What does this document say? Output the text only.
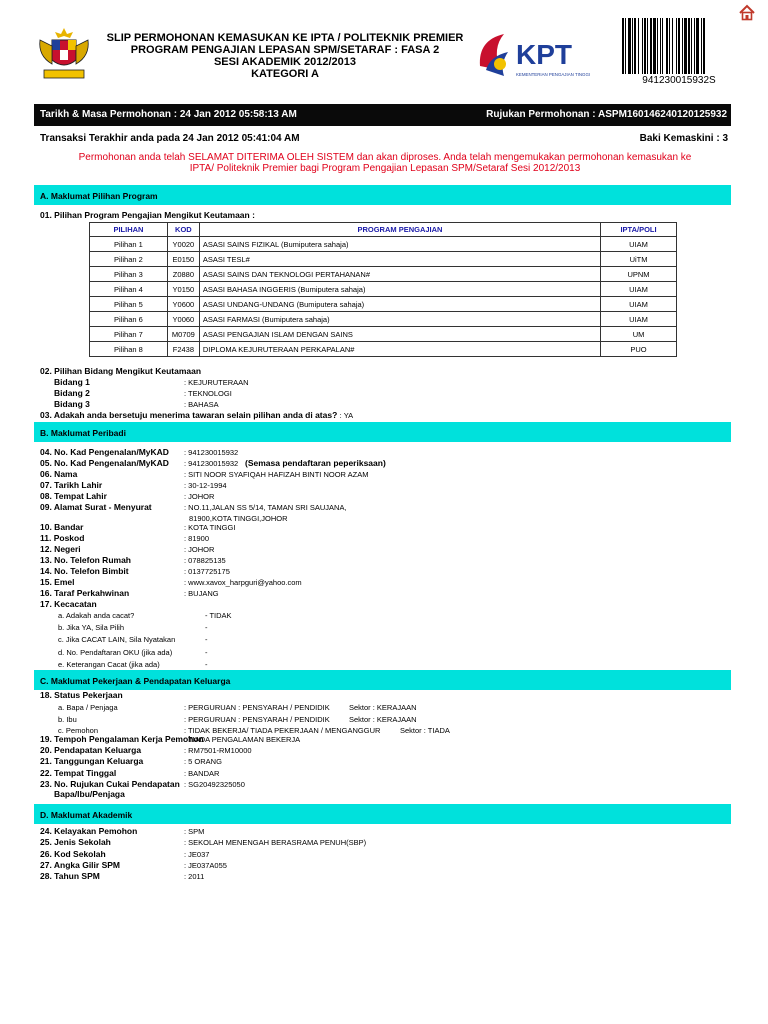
SLIP PERMOHONAN KEMASUKAN KE IPTA / POLITEKNIK PREMIER
PROGRAM PENGAJIAN LEPASAN SPM/SETARAF : FASA 2
SESI AKADEMIK 2012/2013
KATEGORI A
KPT
KEMENTERIAN PENGAJIAN TINGGI
941230015932S
Tarikh & Masa Permohonan : 24 Jan 2012 05:58:13 AM	Rujukan Permohonan : ASPM160146240120125932
Transaksi Terakhir anda pada 24 Jan 2012 05:41:04 AM	Baki Kemaskini : 3
Permohonan anda telah SELAMAT DITERIMA OLEH SISTEM dan akan diproses. Anda telah mengemukakan permohonan kemasukan ke
IPTA/ Politeknik Premier bagi Program Pengajian Lepasan SPM/Setaraf Sesi 2012/2013
A. Maklumat Pilihan Program
01. Pilihan Program Pengajian Mengikut Keutamaan :
PILIHAN	KOD	PROGRAM PENGAJIAN	IPTA/POLI
Pilihan 1	Y0020	ASASI SAINS FIZIKAL (Bumiputera sahaja)	UIAM
Pilihan 2	E0150	ASASI TESL#	UiTM
Pilihan 3	Z0880	ASASI SAINS DAN TEKNOLOGI PERTAHANAN#	UPNM
Pilihan 4	Y0150	ASASI BAHASA INGGERIS (Bumiputera sahaja)	UIAM
Pilihan 5	Y0600	ASASI UNDANG-UNDANG (Bumiputera sahaja)	UIAM
Pilihan 6	Y0060	ASASI FARMASI (Bumiputera sahaja)	UIAM
Pilihan 7	M0709	ASASI PENGAJIAN ISLAM DENGAN SAINS	UM
Pilihan 8	F2438	DIPLOMA KEJURUTERAAN PERKAPALAN#	PUO
02. Pilihan Bidang Mengikut Keutamaan
Bidang 1	: KEJURUTERAAN
Bidang 2	: TEKNOLOGI
Bidang 3	: BAHASA
03. Adakah anda bersetuju menerima tawaran selain pilihan anda di atas? : YA
B. Maklumat Peribadi
04. No. Kad Pengenalan/MyKAD : 941230015932
05. No. Kad Pengenalan/MyKAD : 941230015932 (Semasa pendaftaran peperiksaan)
06. Nama	: SITI NOOR SYAFIQAH HAFIZAH BINTI NOOR AZAM
07. Tarikh Lahir	: 30-12-1994
08. Tempat Lahir	: JOHOR
09. Alamat Surat - Menyurat	: NO.11,JALAN SS 5/14, TAMAN SRI SAUJANA,
81900,KOTA TINGGI,JOHOR
10. Bandar	: KOTA TINGGI
11. Poskod	: 81900
12. Negeri	: JOHOR
13. No. Telefon Rumah	: 078825135
14. No. Telefon Bimbit	: 0137725175
15. Emel	: www.xavox_harpguri@yahoo.com
16. Taraf Perkahwinan	: BUJANG
17. Kecacatan
a. Adakah anda cacat?	- TIDAK
b. Jika YA, Sila Pilih	-
c. Jika CACAT LAIN, Sila Nyatakan	-
d. No. Pendaftaran OKU (jika ada)	-
e. Keterangan Cacat (jika ada)	-
C. Maklumat Pekerjaan & Pendapatan Keluarga
18. Status Pekerjaan
a. Bapa / Penjaga	: PERGURUAN : PENSYARAH / PENDIDIK	Sektor : KERAJAAN
b. Ibu	: PERGURUAN : PENSYARAH / PENDIDIK	Sektor : KERAJAAN
c. Pemohon	: TIDAK BEKERJA/ TIADA PEKERJAAN / MENGANGGUR	Sektor : TIADA
19. Tempoh Pengalaman Kerja Pemohon
: TIADA PENGALAMAN BEKERJA
20. Pendapatan Keluarga	: RM7501-RM10000
21. Tanggungan Keluarga	: 5 ORANG
22. Tempat Tinggal	: BANDAR
23. No. Rujukan Cukai Pendapatan : SG20492325050
Bapa/Ibu/Penjaga
D. Maklumat Akademik
24. Kelayakan Pemohon	: SPM
25. Jenis Sekolah	: SEKOLAH MENENGAH BERASRAMA PENUH(SBP)
26. Kod Sekolah	: JE037
27. Angka Gilir SPM	: JE037A055
28. Tahun SPM	: 2011
